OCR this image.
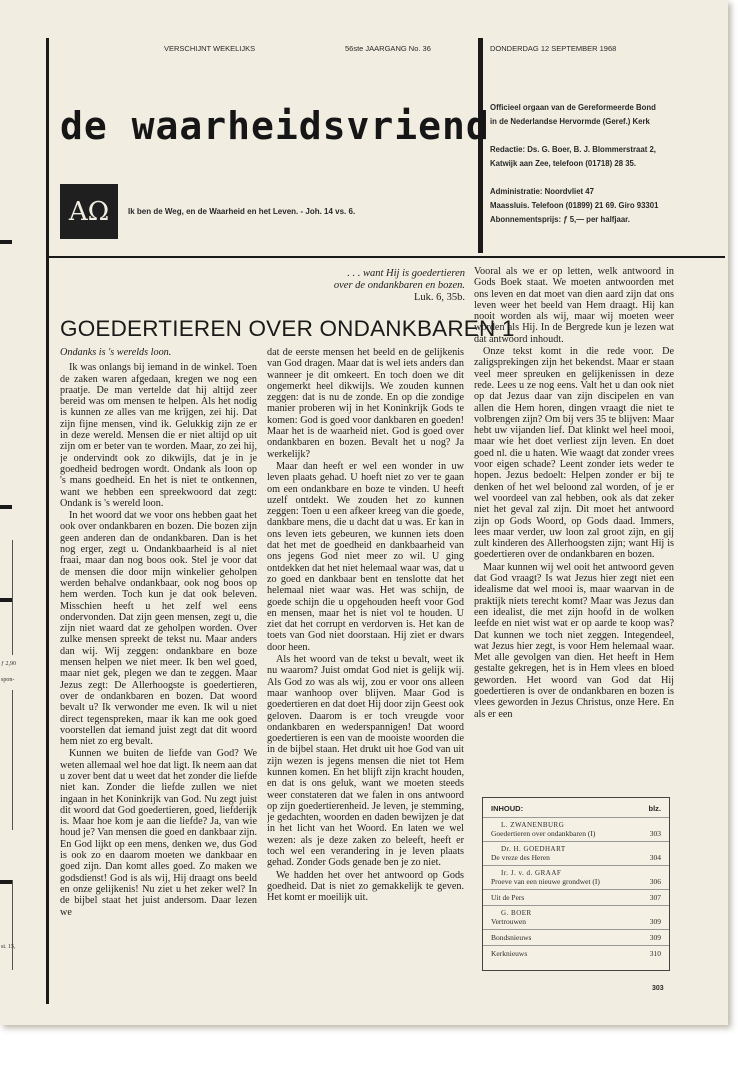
ƒ 2,90
spon-
st. 15,
VERSCHIJNT WEKELIJKS	56ste JAARGANG No. 36	DONDERDAG 12 SEPTEMBER 1968
de waarheidsvriend
AΩ	Ik ben de Weg, en de Waarheid en het Leven. - Joh. 14 vs. 6.
Officieel orgaan van de Gereformeerde Bond
in de Nederlandse Hervormde (Geref.) Kerk
Redactie: Ds. G. Boer, B. J. Blommerstraat 2,
Katwijk aan Zee, telefoon (01718) 28 35.
Administratie: Noordvliet 47
Maassluis. Telefoon (01899) 21 69. Giro 93301
Abonnementsprijs: ƒ 5,— per halfjaar.
. . . want Hij is goedertieren
over de ondankbaren en bozen.
Luk. 6, 35b.
GOEDERTIEREN OVER ONDANKBAREN 1

Ondanks is 's werelds loon.

Ik was onlangs bij iemand in de winkel. Toen de zaken waren afgedaan, kregen we nog een praatje. De man vertelde dat hij altijd zeer bereid was om mensen te helpen. Als het nodig is kunnen ze alles van me krijgen, zei hij. Dat zijn fijne mensen, vind ik. Gelukkig zijn ze er in deze wereld. Mensen die er niet altijd op uit zijn om er beter van te worden. Maar, zo zei hij, je ondervindt ook zo dikwijls, dat je in je goedheid bedrogen wordt. Ondank als loon op 's mans goedheid. En het is niet te ontkennen, want we hebben een spreekwoord dat zegt: Ondank is 's wereld loon.

In het woord dat we voor ons hebben gaat het ook over ondankbaren en bozen. Die bozen zijn geen anderen dan de ondankbaren. Dan is het nog erger, zegt u. Ondankbaarheid is al niet fraai, maar dan nog boos ook. Stel je voor dat de mensen die door mijn winkelier geholpen werden behalve ondankbaar, ook nog boos op hem werden. Toch kun je dat ook beleven. Misschien heeft u het zelf wel eens ondervonden. Dat zijn geen mensen, zegt u, die zijn niet waard dat ze geholpen worden. Over zulke mensen spreekt de tekst nu. Maar anders dan wij. Wij zeggen: ondankbare en boze mensen helpen we niet meer. Ik ben wel goed, maar niet gek, plegen we dan te zeggen. Maar Jezus zegt: De Allerhoogste is goedertieren, over de ondankbaren en bozen. Dat woord bevalt u? Ik verwonder me even. Ik wil u niet direct tegenspreken, maar ik kan me ook goed voorstellen dat iemand juist zegt dat dit woord hem niet zo erg bevalt.

Kunnen we buiten de liefde van God? We weten allemaal wel hoe dat ligt. Ik neem aan dat u zover bent dat u weet dat het zonder die liefde niet kan. Zonder die liefde zullen we niet ingaan in het Koninkrijk van God. Nu zegt juist dit woord dat God goedertieren, goed, liefderijk is. Maar hoe kom je aan die liefde? Ja, van wie houd je? Van mensen die goed en dankbaar zijn. En God lijkt op een mens, denken we, dus God is ook zo en daarom moeten we dankbaar en goed zijn. Dan komt alles goed. Zo maken we godsdienst! God is als wij, Hij draagt ons beeld en onze gelijkenis! Nu ziet u het zeker wel? In de bijbel staat het juist andersom. Daar lezen we

dat de eerste mensen het beeld en de gelijkenis van God dragen. Maar dat is wel iets anders dan wanneer je dit omkeert. En toch doen we dit ongemerkt heel dikwijls. We zouden kunnen zeggen: dat is nu de zonde. En op die zondige manier proberen wij in het Koninkrijk Gods te komen: God is goed voor dankbaren en goeden! Maar het is de waarheid niet. God is goed over ondankbaren en bozen. Bevalt het u nog? Ja werkelijk?

Maar dan heeft er wel een wonder in uw leven plaats gehad. U hoeft niet zo ver te gaan om een ondankbare en boze te vinden. U heeft uzelf ontdekt. We zouden het zo kunnen zeggen: Toen u een afkeer kreeg van die goede, dankbare mens, die u dacht dat u was. Er kan in ons leven iets gebeuren, we kunnen iets doen dat het met de goedheid en dankbaarheid van ons jegens God niet meer zo wil. U ging ontdekken dat het niet helemaal waar was, dat u zo goed en dankbaar bent en tenslotte dat het helemaal niet waar was. Het was schijn, de goede schijn die u opgehouden heeft voor God en mensen, maar het is niet vol te houden. U ziet dat het corrupt en verdorven is. Het kan de toets van God niet doorstaan. Hij ziet er dwars door heen.

Als het woord van de tekst u bevalt, weet ik nu waarom? Juist omdat God niet is gelijk wij. Als God zo was als wij, zou er voor ons alleen maar wanhoop over blijven. Maar God is goedertieren en dat doet Hij door zijn Geest ook geloven. Daarom is er toch vreugde voor ondankbaren en wederspannigen! Dat woord goedertieren is een van de mooiste woorden die in de bijbel staan. Het drukt uit hoe God van uit zijn wezen is jegens mensen die niet tot Hem kunnen komen. En het blijft zijn kracht houden, en dat is ons geluk, want we moeten steeds weer constateren dat we falen in ons antwoord op zijn goedertierenheid. Je leven, je stemming, je gedachten, woorden en daden bewijzen je dat in het licht van het Woord. En laten we wel wezen: als je deze zaken zo beleeft, heeft er toch wel een verandering in je leven plaats gehad. Zonder Gods genade ben je zo niet.

We hadden het over het antwoord op Gods goedheid. Dat is niet zo gemakkelijk te geven. Het komt er moeilijk uit.

Vooral als we er op letten, welk antwoord in Gods Boek staat. We moeten antwoorden met ons leven en dat moet van dien aard zijn dat ons leven weer het beeld van Hem draagt. Hij kan nooit worden als wij, maar wij moeten weer worden als Hij. In de Bergrede kun je lezen wat dat antwoord inhoudt.

Onze tekst komt in die rede voor. De zaligsprekingen zijn het bekendst. Maar er staan veel meer spreuken en gelijkenissen in deze rede. Lees u ze nog eens. Valt het u dan ook niet op dat Jezus daar van zijn discipelen en van allen die Hem horen, dingen vraagt die niet te volbrengen zijn? Om bij vers 35 te blijven: Maar hebt uw vijanden lief. Dat klinkt wel heel mooi, maar wie het doet verliest zijn leven. En doet goed nl. die u haten. Wie waagt dat zonder vrees voor eigen schade? Leent zonder iets weder te hopen. Jezus bedoelt: Helpen zonder er bij te denken of het wel beloond zal worden, of je er wel voordeel van zal hebben, ook als dat zeker niet het geval zal zijn. Dit moet het antwoord zijn op Gods Woord, op Gods daad. Immers, lees maar verder, uw loon zal groot zijn, en gij zult kinderen des Allerhoogsten zijn; want Hij is goedertieren over de ondankbaren en bozen.

Maar kunnen wij wel ooit het antwoord geven dat God vraagt? Is wat Jezus hier zegt niet een idealisme dat wel mooi is, maar waarvan in de praktijk niets terecht komt? Maar was Jezus dan een idealist, die met zijn hoofd in de wolken leefde en niet wist wat er op aarde te koop was? Dat kunnen we toch niet zeggen. Integendeel, wat Jezus hier zegt, is voor Hem helemaal waar. Met alle gevolgen van dien. Het heeft in Hem gestalte gekregen, het is in Hem vlees en bloed geworden. Het woord van God dat Hij goedertieren is over de ondankbaren en bozen is vlees geworden in Jezus Christus, onze Here. En als er een

INHOUD:	blz.
L. ZWANENBURG
Goedertieren over ondankbaren (I)	303
Dr. H. GOEDHART
De vreze des Heren	304
Ir. J. v. d. GRAAF
Proeve van een nieuwe grondwet (I)	306
Uit de Pers	307
G. BOER
Vertrouwen	309
Bondsnieuws	309
Kerknieuws	310
303
